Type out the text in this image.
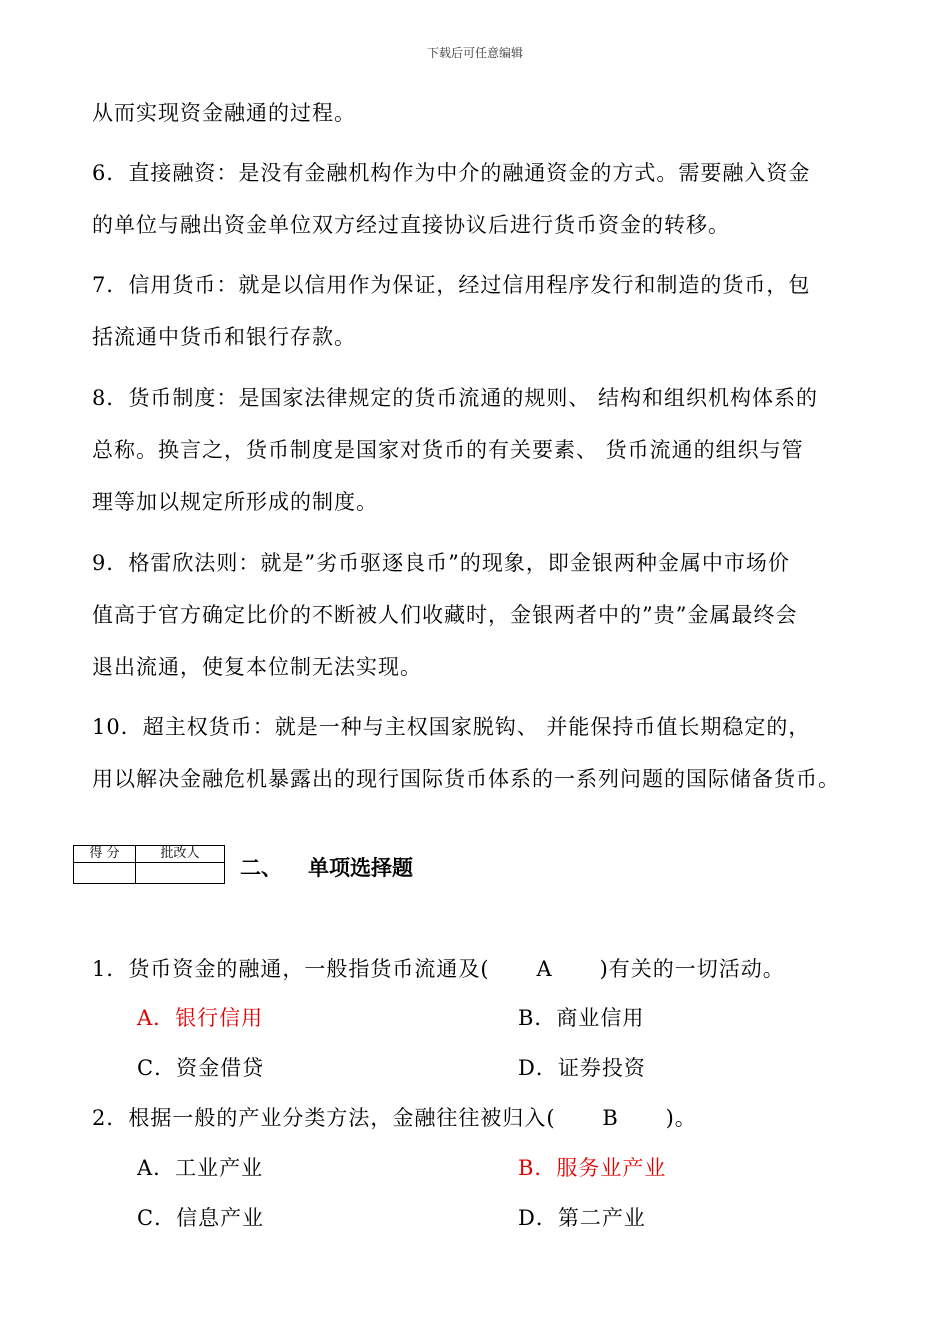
下载后可任意编辑
从而实现资金融通的过程。
6．直接融资：是没有金融机构作为中介的融通资金的方式。需要融入资金
的单位与融出资金单位双方经过直接协议后进行货币资金的转移。
7．信用货币：就是以信用作为保证，经过信用程序发行和制造的货币，包
括流通中货币和银行存款。
8．货币制度：是国家法律规定的货币流通的规则、 结构和组织机构体系的
总称。换言之，货币制度是国家对货币的有关要素、 货币流通的组织与管
理等加以规定所形成的制度。
9．格雷欣法则：就是”劣币驱逐良币”的现象，即金银两种金属中市场价
值高于官方确定比价的不断被人们收藏时，金银两者中的”贵”金属最终会
退出流通，使复本位制无法实现。
10．超主权货币：就是一种与主权国家脱钩、 并能保持币值长期稳定的，
用以解决金融危机暴露出的现行国际货币体系的一系列问题的国际储备货币。
得 分	批改人

二、 单项选择题
1．货币资金的融通，一般指货币流通及( A )有关的一切活动。
A．银行信用	B．商业信用
C．资金借贷	D．证券投资
2．根据一般的产业分类方法，金融往往被归入( B )。
A．工业产业	B．服务业产业
C．信息产业	D．第二产业
